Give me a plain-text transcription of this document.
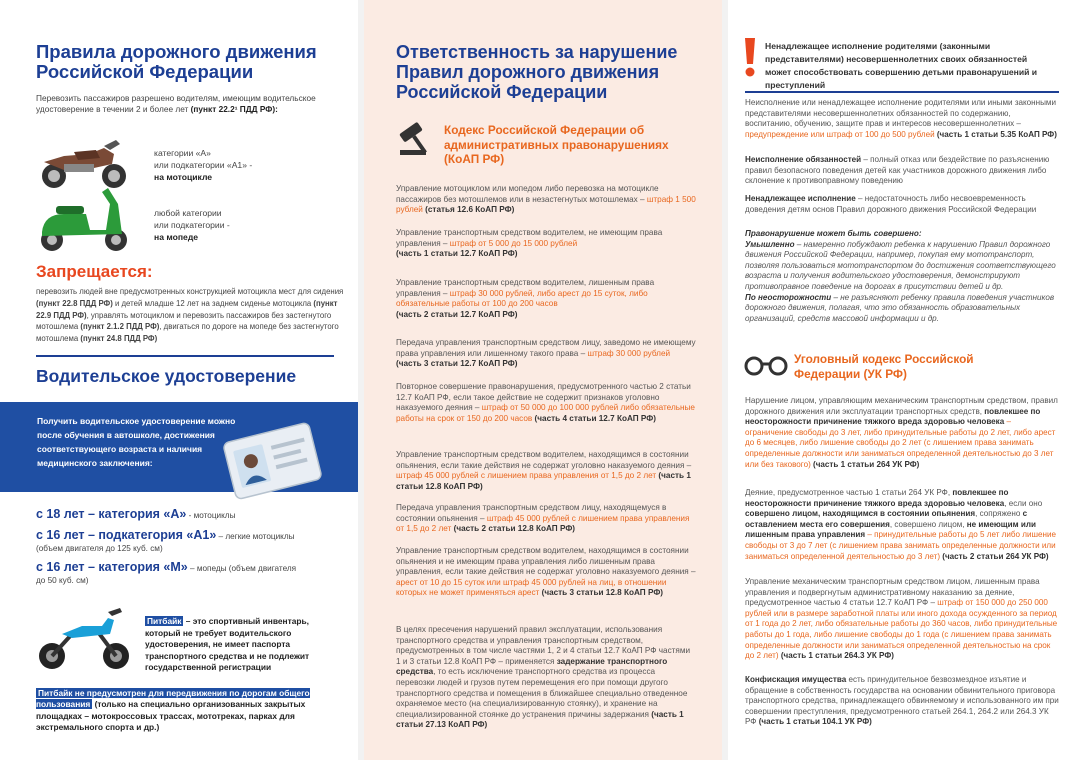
Правила дорожного движения Российской Федерации
Перевозить пассажиров разрешено водителям, имеющим водительское удостоверение в течении 2 и более лет (пункт 22.2¹ ПДД РФ):
категории «А»
или подкатегории «А1» -
на мотоцикле
любой категории
или подкатегории -
на мопеде
Запрещается:
перевозить людей вне предусмотренных конструкцией мотоцикла мест для сидения (пункт 22.8 ПДД РФ) и детей младше 12 лет на заднем сиденье мотоцикла (пункт 22.9 ПДД РФ), управлять мотоциклом и перевозить пассажиров без застегнутого мотошлема (пункт 2.1.2 ПДД РФ), двигаться по дороге на мопеде без застегнутого мотошлема (пункт 24.8 ПДД РФ)
Водительское удостоверение
Получить водительское удостоверение можно после обучения в автошколе, достижения соответствующего возраста и наличия медицинского заключения:
с 18 лет – категория «А» - мотоциклы
с 16 лет – подкатегория «А1» – легкие мотоциклы
(объем двигателя до 125 куб. см)
с 16 лет – категория «М» – мопеды (объем двигателя
до 50 куб. см)
Питбайк – это спортивный инвентарь, который не требует водительского удостоверения, не имеет паспорта транспортного средства и не подлежит государственной регистрации
Питбайк не предусмотрен для передвижения по дорогам общего пользования (только на специально организованных закрытых площадках – мотокроссовых трассах, мототреках, парках для экстремального спорта и др.)
Ответственность за нарушение Правил дорожного движения Российской Федерации
Кодекс Российской Федерации об административных правонарушениях (КоАП РФ)
Управление мотоциклом или мопедом либо перевозка на мотоцикле пассажиров без мотошлемов или в незастегнутых мотошлемах – штраф 1 500 рублей (статья 12.6 КоАП РФ)
Управление транспортным средством водителем, не имеющим права управления – штраф от 5 000 до 15 000 рублей
(часть 1 статьи 12.7 КоАП РФ)
Управление транспортным средством водителем, лишенным права управления – штраф 30 000 рублей, либо арест до 15 суток, либо обязательные работы от 100 до 200 часов
(часть 2 статьи 12.7 КоАП РФ)
Передача управления транспортным средством лицу, заведомо не имеющему права управления или лишенному такого права – штраф 30 000 рублей (часть 3 статьи 12.7 КоАП РФ)
Повторное совершение правонарушения, предусмотренного частью 2 статьи 12.7 КоАП РФ, если такое действие не содержит признаков уголовно наказуемого деяния – штраф от 50 000 до 100 000 рублей либо обязательные работы на срок от 150 до 200 часов (часть 4 статьи 12.7 КоАП РФ)
Управление транспортным средством водителем, находящимся в состоянии опьянения, если такие действия не содержат уголовно наказуемого деяния – штраф 45 000 рублей с лишением права управления от 1,5 до 2 лет (часть 1 статьи 12.8 КоАП РФ)
Передача управления транспортным средством лицу, находящемуся в состоянии опьянения – штраф 45 000 рублей с лишением права управления от 1,5 до 2 лет (часть 2 статьи 12.8 КоАП РФ)
Управление транспортным средством водителем, находящимся в состоянии опьянения и не имеющим права управления либо лишенным права управления, если такие действия не содержат уголовно наказуемого деяния – арест от 10 до 15 суток или штраф 45 000 рублей на лиц, в отношении которых не может применяться арест (часть 3 статьи 12.8 КоАП РФ)
В целях пресечения нарушений правил эксплуатации, использования транспортного средства и управления транспортным средством, предусмотренных в том числе частями 1, 2 и 4 статьи 12.7 КоАП РФ частями 1 и 3 статьи 12.8 КоАП РФ – применяется задержание транспортного средства, то есть исключение транспортного средства из процесса перевозки людей и грузов путем перемещения его при помощи другого транспортного средства и помещения в ближайшее специально отведенное охраняемое место (на специализированную стоянку), и хранение на специализированной стоянке до устранения причины задержания (часть 1 статьи 27.13 КоАП РФ)
Ненадлежащее исполнение родителями (законными представителями) несовершеннолетних своих обязанностей может способствовать совершению детьми правонарушений и преступлений
Неисполнение или ненадлежащее исполнение родителями или иными законными представителями несовершеннолетних обязанностей по содержанию, воспитанию, обучению, защите прав и интересов несовершеннолетних – предупреждение или штраф от 100 до 500 рублей (часть 1 статьи 5.35 КоАП РФ)
Неисполнение обязанностей – полный отказ или бездействие по разъяснению правил безопасного поведения детей как участников дорожного движения либо склонение к противоправному поведению
Ненадлежащее исполнение – недостаточность либо несвоевременность доведения детям основ Правил дорожного движения Российской Федерации
Правонарушение может быть совершено:
Умышленно – намеренно побуждают ребенка к нарушению Правил дорожного движения Российской Федерации, например, покупая ему мототранспорт, позволяя пользоваться мототранспортом до достижения соответствующего возраста и получения водительского удостоверения, демонстрируют противоправное поведение на дорогах в присутствии детей и др.
По неосторожности – не разъясняют ребенку правила поведения участников дорожного движения, полагая, что это обязанность образовательных организаций, средств массовой информации и др.
Уголовный кодекс Российской Федерации (УК РФ)
Нарушение лицом, управляющим механическим транспортным средством, правил дорожного движения или эксплуатации транспортных средств, повлекшее по неосторожности причинение тяжкого вреда здоровью человека – ограничение свободы до 3 лет, либо принудительные работы до 2 лет, либо арест до 6 месяцев, либо лишение свободы до 2 лет (с лишением права занимать определенные должности или заниматься определенной деятельностью до 3 лет или без такового) (часть 1 статьи 264 УК РФ)
Деяние, предусмотренное частью 1 статьи 264 УК РФ, повлекшее по неосторожности причинение тяжкого вреда здоровью человека, если оно совершено лицом, находящимся в состоянии опьянения, сопряжено с оставлением места его совершения, совершено лицом, не имеющим или лишенным права управления – принудительные работы до 5 лет либо лишение свободы от 3 до 7 лет (с лишением права занимать определенные должности или заниматься определенной деятельностью до 3 лет) (часть 2 статьи 264 УК РФ)
Управление механическим транспортным средством лицом, лишенным права управления и подвергнутым административному наказанию за деяние, предусмотренное частью 4 статьи 12.7 КоАП РФ – штраф от 150 000 до 250 000 рублей или в размере заработной платы или иного дохода осужденного за период от 1 года до 2 лет, либо обязательные работы до 360 часов, либо принудительные работы до 1 года, либо лишение свободы до 1 года (с лишением права занимать определенные должности или заниматься определенной деятельностью на срок до 2 лет) (часть 1 статьи 264.3 УК РФ)
Конфискация имущества есть принудительное безвозмездное изъятие и обращение в собственность государства на основании обвинительного приговора транспортного средства, принадлежащего обвиняемому и использованного им при совершении преступления, предусмотренного статьей 264.1, 264.2 или 264.3 УК РФ (часть 1 статьи 104.1 УК РФ)
